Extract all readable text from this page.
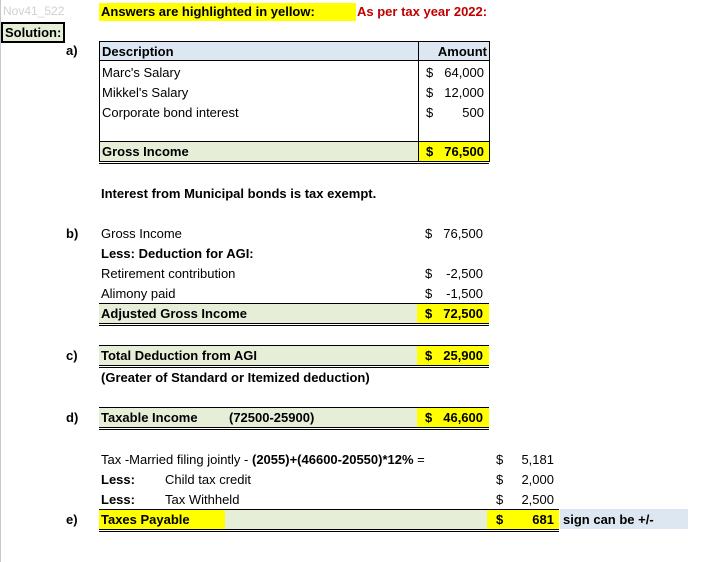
Nov41_522	Answers are highlighted in yellow:	As per tax year 2022:
Solution:
a) Description	Amount
Marc's Salary	$ 64,000
Mikkel's Salary	$ 12,000
Corporate bond interest	$ 500
Gross Income	$ 76,500
Interest from Municipal bonds is tax exempt.
b) Gross Income	$ 76,500
Less: Deduction for AGI:
Retirement contribution	$ -2,500
Alimony paid	$ -1,500
Adjusted Gross Income	$ 72,500
c) Total Deduction from AGI	$ 25,900
(Greater of Standard or Itemized deduction)
d) Taxable Income (72500-25900)	$ 46,600
Tax -Married filing jointly - (2055)+(46600-20550)*12% =	$ 5,181
Less: Child tax credit	$ 2,000
Less: Tax Withheld	$ 2,500
e) Taxes Payable	$ 681 sign can be +/-
